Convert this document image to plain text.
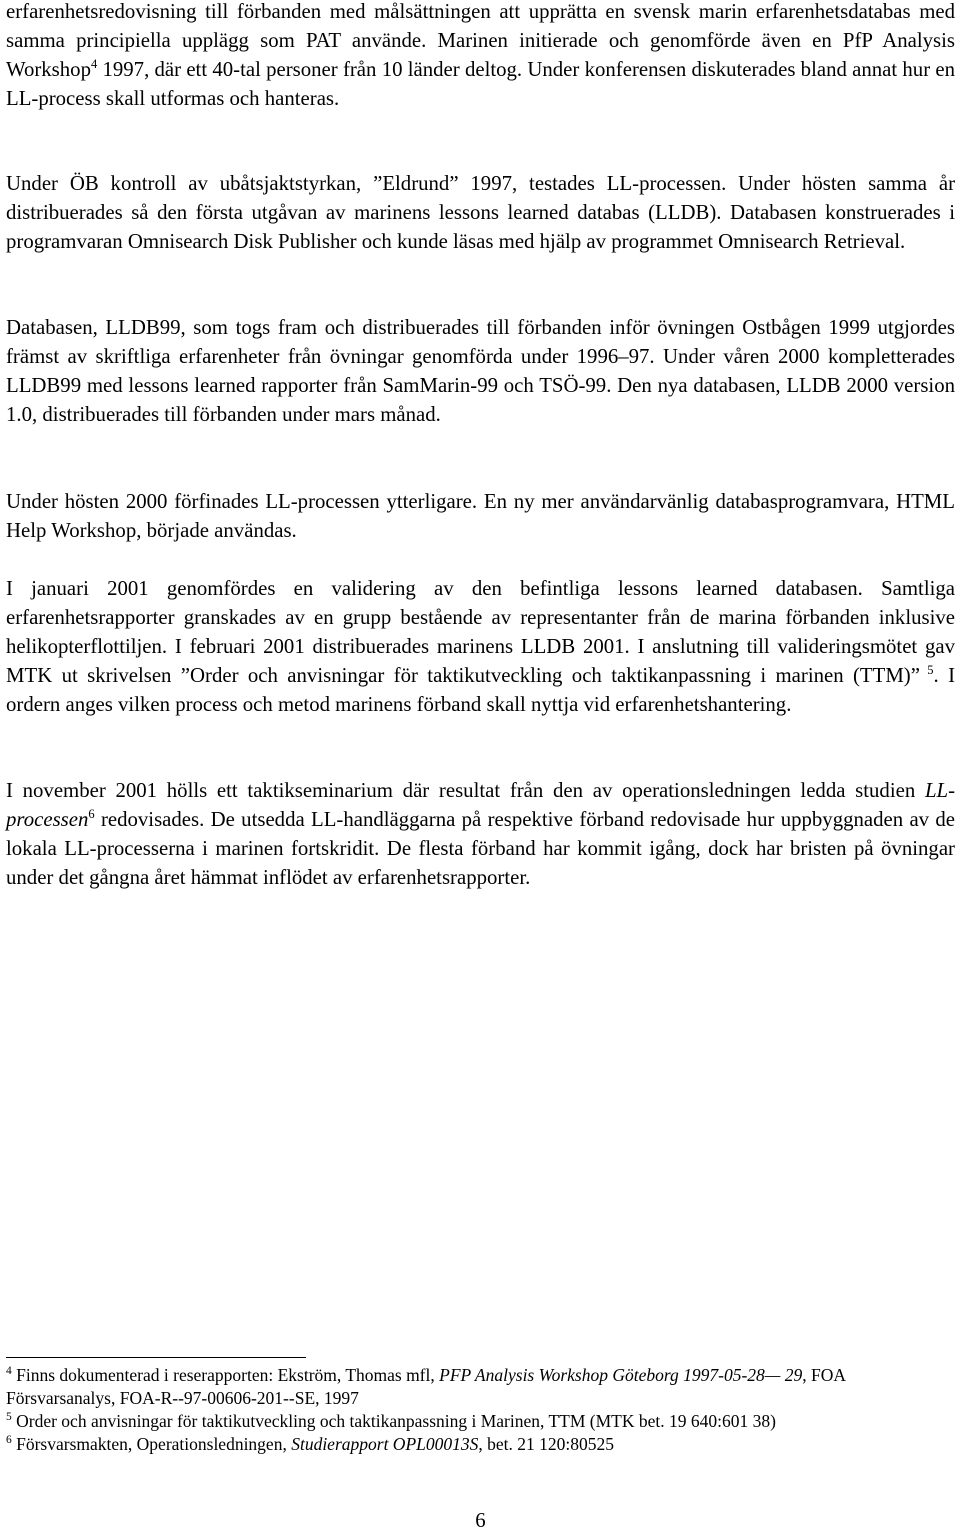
erfarenhetsredovisning till förbanden med målsättningen att upprätta en svensk marin erfarenhetsdatabas med samma principiella upplägg som PAT använde. Marinen initierade och genomförde även en PfP Analysis Workshop$^4$ 1997, där ett 40-tal personer från 10 länder deltog. Under konferensen diskuterades bland annat hur en LL-process skall utformas och hanteras.

Under ÖB kontroll av ubåtsjaktstyrkan, ”Eldrund” 1997, testades LL-processen. Under hösten samma år distribuerades så den första utgåvan av marinens lessons learned databas (LLDB). Databasen konstruerades i programvaran Omnisearch Disk Publisher och kunde läsas med hjälp av programmet Omnisearch Retrieval.

Databasen, LLDB99, som togs fram och distribuerades till förbanden inför övningen Ostbågen 1999 utgjordes främst av skriftliga erfarenheter från övningar genomförda under 1996–97. Under våren 2000 kompletterades LLDB99 med lessons learned rapporter från SamMarin-99 och TSÖ-99. Den nya databasen, LLDB 2000 version 1.0, distribuerades till förbanden under mars månad.

Under hösten 2000 förfinades LL-processen ytterligare. En ny mer användarvänlig databasprogramvara, HTML Help Workshop, började användas.

I januari 2001 genomfördes en validering av den befintliga lessons learned databasen. Samtliga erfarenhetsrapporter granskades av en grupp bestående av representanter från de marina förbanden inklusive helikopterflottiljen. I februari 2001 distribuerades marinens LLDB 2001. I anslutning till valideringsmötet gav MTK ut skrivelsen ”Order och anvisningar för taktikutveckling och taktikanpassning i marinen (TTM)” $^5$. I ordern anges vilken process och metod marinens förband skall nyttja vid erfarenhetshantering.

I november 2001 hölls ett taktikseminarium där resultat från den av operationsledningen ledda studien LL-processen$^6$ redovisades. De utsedda LL-handläggarna på respektive förband redovisade hur uppbyggnaden av de lokala LL-processerna i marinen fortskridit. De flesta förband har kommit igång, dock har bristen på övningar under det gångna året hämmat inflödet av erfarenhetsrapporter.

$^4$ Finns dokumenterad i reserapporten: Ekström, Thomas mfl, PFP Analysis Workshop Göteborg 1997-05-28— 29, FOA Försvarsanalys, FOA-R--97-00606-201--SE, 1997

$^5$ Order och anvisningar för taktikutveckling och taktikanpassning i Marinen, TTM (MTK bet. 19 640:601 38)

$^6$ Försvarsmakten, Operationsledningen, Studierapport OPL00013S, bet. 21 120:80525

6
